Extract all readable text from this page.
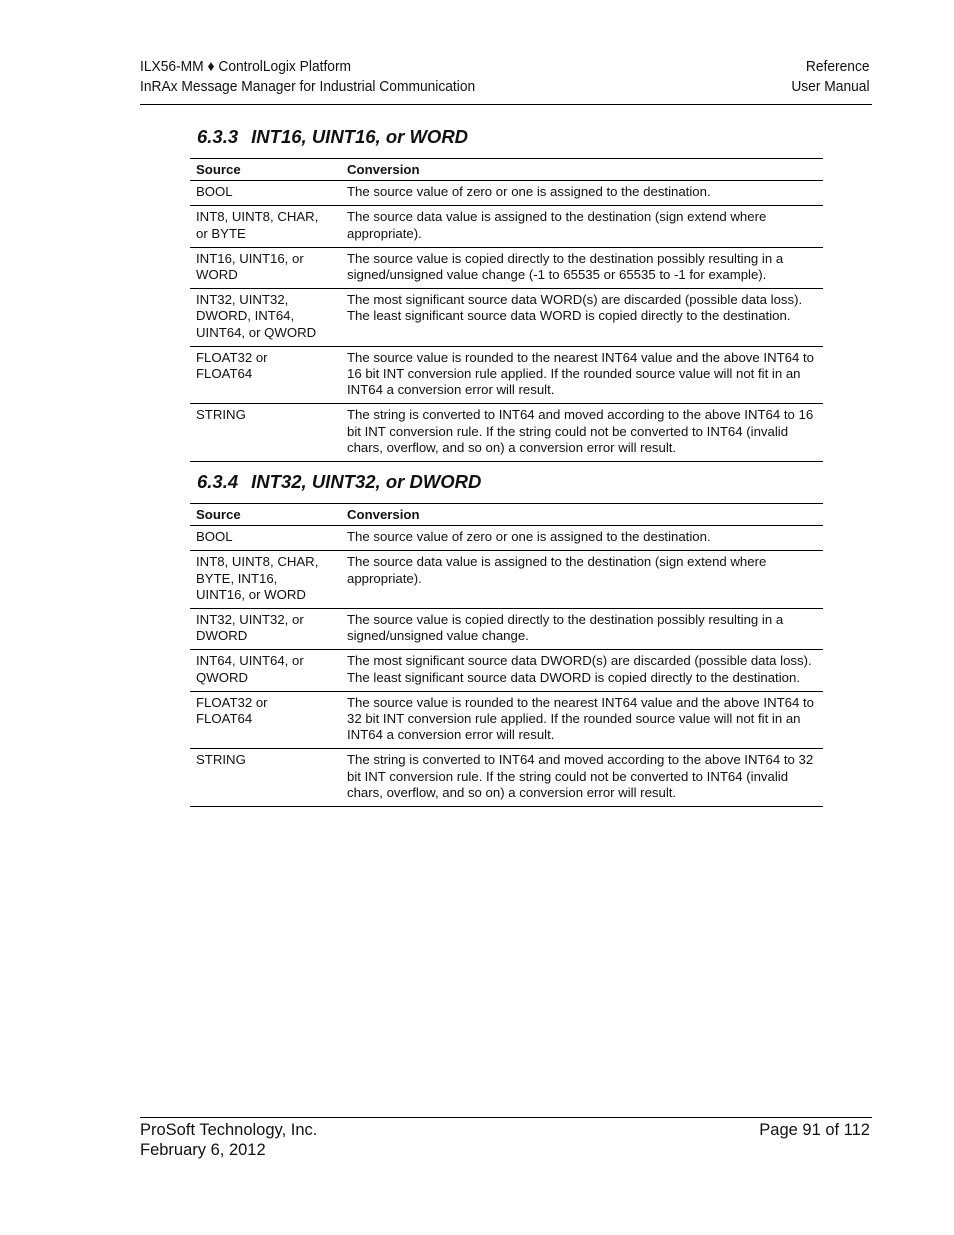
ILX56-MM ♦ ControlLogix Platform
InRAx Message Manager for Industrial Communication
Reference
User Manual
6.3.3 INT16, UINT16, or WORD
Source	Conversion
BOOL	The source value of zero or one is assigned to the destination.
INT8, UINT8, CHAR, or BYTE	The source data value is assigned to the destination (sign extend where appropriate).
INT16, UINT16, or WORD	The source value is copied directly to the destination possibly resulting in a signed/unsigned value change (-1 to 65535 or 65535 to -1 for example).
INT32, UINT32, DWORD, INT64, UINT64, or QWORD	The most significant source data WORD(s) are discarded (possible data loss). The least significant source data WORD is copied directly to the destination.
FLOAT32 or FLOAT64	The source value is rounded to the nearest INT64 value and the above INT64 to 16 bit INT conversion rule applied. If the rounded source value will not fit in an INT64 a conversion error will result.
STRING	The string is converted to INT64 and moved according to the above INT64 to 16 bit INT conversion rule. If the string could not be converted to INT64 (invalid chars, overflow, and so on) a conversion error will result.
6.3.4 INT32, UINT32, or DWORD
Source	Conversion
BOOL	The source value of zero or one is assigned to the destination.
INT8, UINT8, CHAR, BYTE, INT16, UINT16, or WORD	The source data value is assigned to the destination (sign extend where appropriate).
INT32, UINT32, or DWORD	The source value is copied directly to the destination possibly resulting in a signed/unsigned value change.
INT64, UINT64, or QWORD	The most significant source data DWORD(s) are discarded (possible data loss). The least significant source data DWORD is copied directly to the destination.
FLOAT32 or FLOAT64	The source value is rounded to the nearest INT64 value and the above INT64 to 32 bit INT conversion rule applied. If the rounded source value will not fit in an INT64 a conversion error will result.
STRING	The string is converted to INT64 and moved according to the above INT64 to 32 bit INT conversion rule. If the string could not be converted to INT64 (invalid chars, overflow, and so on) a conversion error will result.
ProSoft Technology, Inc.
February 6, 2012
Page 91 of 112
